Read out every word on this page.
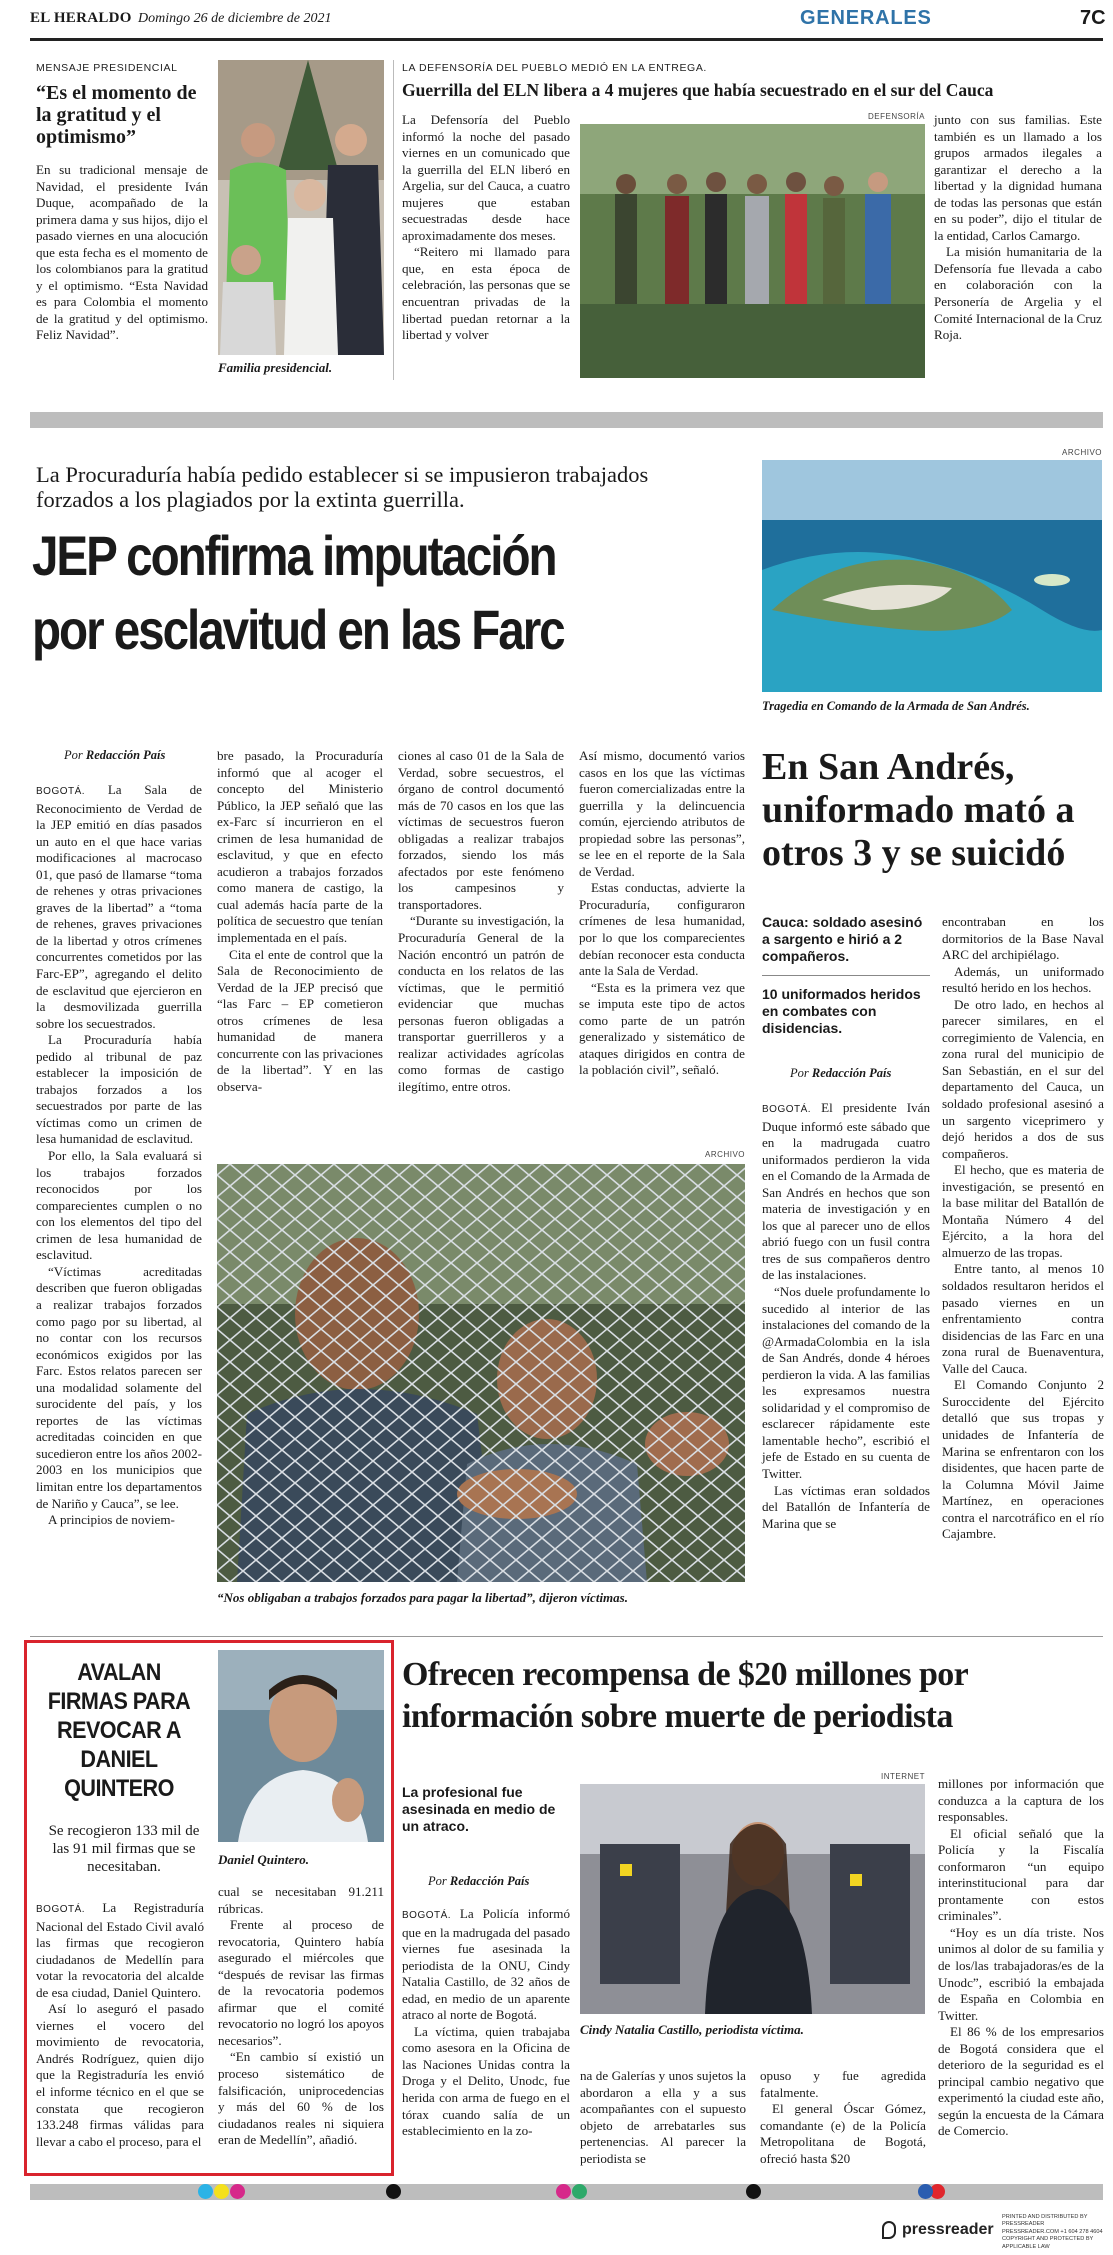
EL HERALDO Domingo 26 de diciembre de 2021	GENERALES	7C
MENSAJE PRESIDENCIAL
“Es el momento de la gratitud y el optimismo”

En su tradicional mensaje de Navidad, el presidente Iván Duque, acompañado de la primera dama y sus hijos, dijo el pasado viernes en una alocución que esta fecha es el momento de los colombianos para la gratitud y el optimismo. “Esta Navidad es para Colombia el momento de la gratitud y del optimismo. Feliz Navidad”.

Familia presidencial.
LA DEFENSORÍA DEL PUEBLO MEDIÓ EN LA ENTREGA.
Guerrilla del ELN libera a 4 mujeres que había secuestrado en el sur del Cauca

La Defensoría del Pueblo informó la noche del pasado viernes en un comunicado que la guerrilla del ELN liberó en Argelia, sur del Cauca, a cuatro mujeres que estaban secuestradas desde hace aproximadamente dos meses.

“Reitero mi llamado para que, en esta época de celebración, las personas que se encuentran privadas de la libertad puedan retornar a la libertad y volver

DEFENSORÍA junto con sus familias. Este también es un llamado a los grupos armados ilegales a garantizar el derecho a la libertad y la dignidad humana de todas las personas que están en su poder”, dijo el titular de la entidad, Carlos Camargo.

La misión humanitaria de la Defensoría fue llevada a cabo en colaboración con la Personería de Argelia y el Comité Internacional de la Cruz Roja.

La Procuraduría había pedido establecer si se impusieron trabajados forzados a los plagiados por la extinta guerrilla.
JEP confirma imputación
por esclavitud en las Farc
Por Redacción País

BOGOTÁ. La Sala de Reconocimiento de Verdad de la JEP emitió en días pasados un auto en el que hace varias modificaciones al macrocaso 01, que pasó de llamarse “toma de rehenes y otras privaciones graves de la libertad” a “toma de rehenes, graves privaciones de la libertad y otros crímenes concurrentes cometidos por las Farc-EP”, agregando el delito de esclavitud que ejercieron en la desmovilizada guerrilla sobre los secuestrados.

La Procuraduría había pedido al tribunal de paz establecer la imposición de trabajos forzados a los secuestrados por parte de las víctimas como un crimen de lesa humanidad de esclavitud.

Por ello, la Sala evaluará si los trabajos forzados reconocidos por los comparecientes cumplen o no con los elementos del tipo del crimen de lesa humanidad de esclavitud.

“Víctimas acreditadas describen que fueron obligadas a realizar trabajos forzados como pago por su libertad, al no contar con los recursos económicos exigidos por las Farc. Estos relatos parecen ser una modalidad solamente del surocidente del país, y los reportes de las víctimas acreditadas coinciden en que sucedieron entre los años 2002-2003 en los municipios que limitan entre los departamentos de Nariño y Cauca”, se lee.

A principios de noviem-

bre pasado, la Procuraduría informó que al acoger el concepto del Ministerio Público, la JEP señaló que las ex-Farc sí incurrieron en el crimen de lesa humanidad de esclavitud, y que en efecto acudieron a trabajos forzados como manera de castigo, la cual además hacía parte de la política de secuestro que tenían implementada en el país.

Cita el ente de control que la Sala de Reconocimiento de Verdad de la JEP precisó que “las Farc – EP cometieron otros crímenes de lesa humanidad de manera concurrente con las privaciones de la libertad”. Y en las observa-

ciones al caso 01 de la Sala de Verdad, sobre secuestros, el órgano de control documentó más de 70 casos en los que las víctimas de secuestros fueron obligadas a realizar trabajos forzados, siendo los más afectados por este fenómeno los campesinos y transportadores.

“Durante su investigación, la Procuraduría General de la Nación encontró un patrón de conducta en los relatos de las víctimas, que le permitió evidenciar que muchas personas fueron obligadas a transportar guerrilleros y a realizar actividades agrícolas como formas de castigo ilegítimo, entre otros.

Así mismo, documentó varios casos en los que las víctimas fueron comercializadas entre la guerrilla y la delincuencia común, ejerciendo atributos de propiedad sobre las personas”, se lee en el reporte de la Sala de Verdad.

Estas conductas, advierte la Procuraduría, configuraron crímenes de lesa humanidad, por lo que los comparecientes debían reconocer esta conducta ante la Sala de Verdad.

“Esta es la primera vez que se imputa este tipo de actos como parte de un patrón generalizado y sistemático de ataques dirigidos en contra de la población civil”, señaló.

ARCHIVO
“Nos obligaban a trabajos forzados para pagar la libertad”, dijeron víctimas.
ARCHIVO
Tragedia en Comando de la Armada de San Andrés.
En San Andrés, uniformado mató a otros 3 y se suicidó
Cauca: soldado asesinó a sargento e hirió a 2 compañeros.
10 uniformados heridos en combates con disidencias.
Por Redacción País

BOGOTÁ. El presidente Iván Duque informó este sábado que en la madrugada cuatro uniformados perdieron la vida en el Comando de la Armada de San Andrés en hechos que son materia de investigación y en los que al parecer uno de ellos abrió fuego con un fusil contra tres de sus compañeros dentro de las instalaciones.

“Nos duele profundamente lo sucedido al interior de las instalaciones del comando de la @ArmadaColombia en la isla de San Andrés, donde 4 héroes perdieron la vida. A las familias les expresamos nuestra solidaridad y el compromiso de esclarecer rápidamente este lamentable hecho”, escribió el jefe de Estado en su cuenta de Twitter.

Las víctimas eran soldados del Batallón de Infantería de Marina que se

encontraban en los dormitorios de la Base Naval ARC del archipiélago.

Además, un uniformado resultó herido en los hechos.

De otro lado, en hechos al parecer similares, en el corregimiento de Valencia, en zona rural del municipio de San Sebastián, en el sur del departamento del Cauca, un soldado profesional asesinó a un sargento viceprimero y dejó heridos a dos de sus compañeros.

El hecho, que es materia de investigación, se presentó en la base militar del Batallón de Montaña Número 4 del Ejército, a la hora del almuerzo de las tropas.

Entre tanto, al menos 10 soldados resultaron heridos el pasado viernes en un enfrentamiento contra disidencias de las Farc en una zona rural de Buenaventura, Valle del Cauca.

El Comando Conjunto 2 Suroccidente del Ejército detalló que sus tropas y unidades de Infantería de Marina se enfrentaron con los disidentes, que hacen parte de la Columna Móvil Jaime Martínez, en operaciones contra el narcotráfico en el río Cajambre.

AVALAN FIRMAS PARA REVOCAR A DANIEL QUINTERO
Daniel Quintero.
Se recogieron 133 mil de las 91 mil firmas que se necesitaban.

BOGOTÁ. La Registraduría Nacional del Estado Civil avaló las firmas que recogieron ciudadanos de Medellín para votar la revocatoria del alcalde de esa ciudad, Daniel Quintero.

Así lo aseguró el pasado viernes el vocero del movimiento de revocatoria, Andrés Rodríguez, quien dijo que la Registraduría les envió el informe técnico en el que se constata que recogieron 133.248 firmas válidas para llevar a cabo el proceso, para el

cual se necesitaban 91.211 rúbricas.

Frente al proceso de revocatoria, Quintero había asegurado el miércoles que “después de revisar las firmas de la revocatoria podemos afirmar que el comité revocatorio no logró los apoyos necesarios”.

“En cambio sí existió un proceso sistemático de falsificación, uniprocedencias y más del 60 % de los ciudadanos reales ni siquiera eran de Medellín”, añadió.

Ofrecen recompensa de $20 millones por información sobre muerte de periodista
La profesional fue asesinada en medio de un atraco.
Por Redacción País

BOGOTÁ. La Policía informó que en la madrugada del pasado viernes fue asesinada la periodista de la ONU, Cindy Natalia Castillo, de 32 años de edad, en medio de un aparente atraco al norte de Bogotá.

La víctima, quien trabajaba como asesora en la Oficina de las Naciones Unidas contra la Droga y el Delito, Unodc, fue herida con arma de fuego en el tórax cuando salía de un establecimiento en la zo-

INTERNET
Cindy Natalia Castillo, periodista víctima.

na de Galerías y unos sujetos la abordaron a ella y a sus acompañantes con el supuesto objeto de arrebatarles sus pertenencias. Al parecer la periodista se

opuso y fue agredida fatalmente.

El general Óscar Gómez, comandante (e) de la Policía Metropolitana de Bogotá, ofreció hasta $20

millones por información que conduzca a la captura de los responsables.

El oficial señaló que la Policía y la Fiscalía conformaron “un equipo interinstitucional para dar prontamente con estos criminales”.

“Hoy es un día triste. Nos unimos al dolor de su familia y de los/las trabajadoras/es de la Unodc”, escribió la embajada de España en Colombia en Twitter.

El 86 % de los empresarios de Bogotá considera que el deterioro de la seguridad es el principal cambio negativo que experimentó la ciudad este año, según la encuesta de la Cámara de Comercio.

pressreader
PRINTED AND DISTRIBUTED BY PRESSREADER
PRESSREADER.COM +1 604 278 4604
COPYRIGHT AND PROTECTED BY APPLICABLE LAW
